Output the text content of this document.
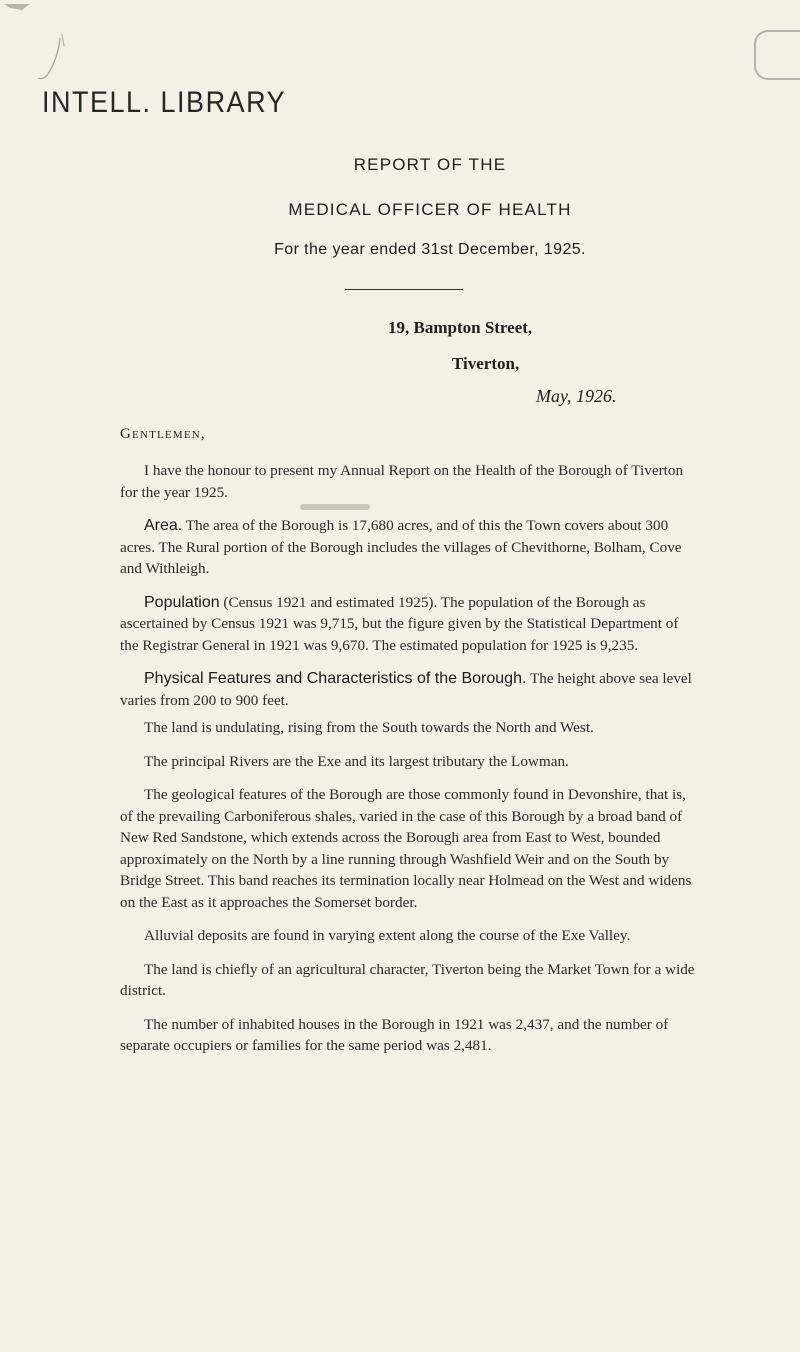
INTELL. LIBRARY
REPORT OF THE
MEDICAL OFFICER OF HEALTH
For the year ended 31st December, 1925.
19, Bampton Street,
Tiverton,
May, 1926.
Gentlemen,

I have the honour to present my Annual Report on the Health of the Borough of Tiverton for the year 1925.

Area. The area of the Borough is 17,680 acres, and of this the Town covers about 300 acres. The Rural portion of the Borough includes the villages of Chevithorne, Bolham, Cove and Withleigh.

Population (Census 1921 and estimated 1925). The population of the Borough as ascertained by Census 1921 was 9,715, but the figure given by the Statistical Department of the Registrar General in 1921 was 9,670. The estimated population for 1925 is 9,235.

Physical Features and Characteristics of the Borough. The height above sea level varies from 200 to 900 feet.

The land is undulating, rising from the South towards the North and West.

The principal Rivers are the Exe and its largest tributary the Lowman.

The geological features of the Borough are those commonly found in Devonshire, that is, of the prevailing Carboniferous shales, varied in the case of this Borough by a broad band of New Red Sandstone, which extends across the Borough area from East to West, bounded approximately on the North by a line running through Washfield Weir and on the South by Bridge Street. This band reaches its termination locally near Holmead on the West and widens on the East as it approaches the Somerset border.

Alluvial deposits are found in varying extent along the course of the Exe Valley.

The land is chiefly of an agricultural character, Tiverton being the Market Town for a wide district.

The number of inhabited houses in the Borough in 1921 was 2,437, and the number of separate occupiers or families for the same period was 2,481.
